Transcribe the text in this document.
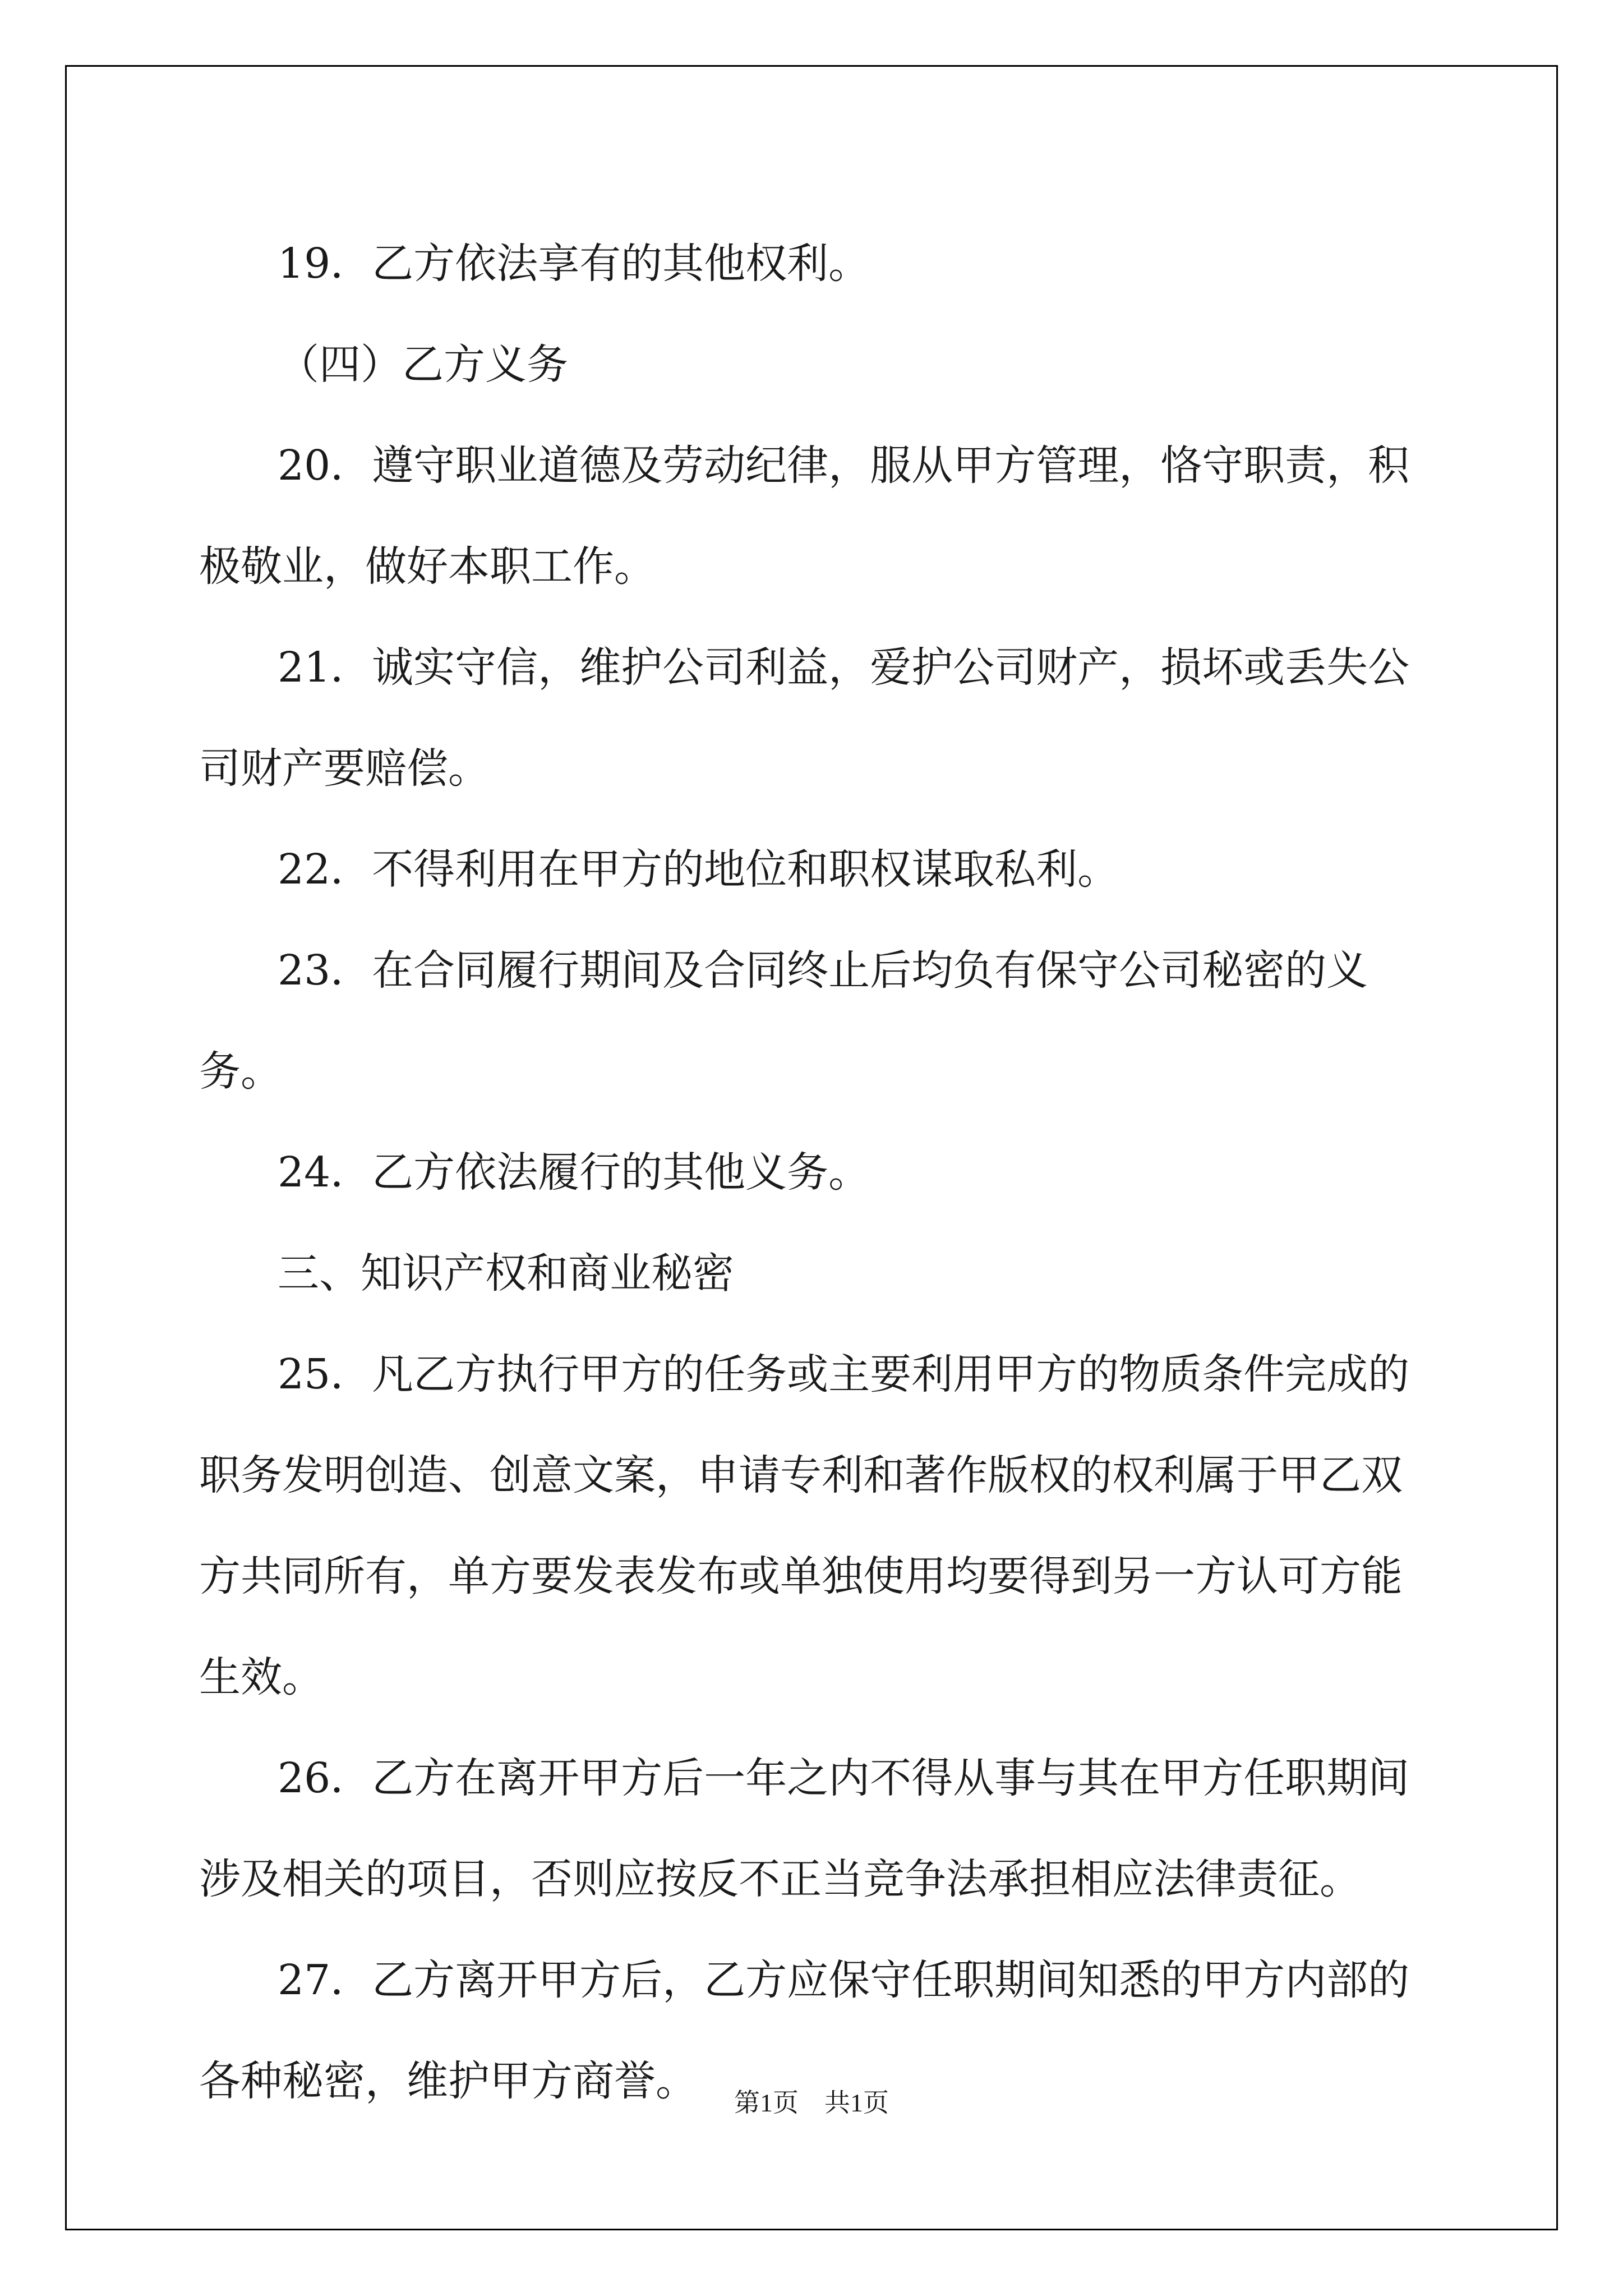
19．乙方依法享有的其他权利。

（四）乙方义务

20．遵守职业道德及劳动纪律，服从甲方管理，恪守职责，积极敬业，做好本职工作。

21．诚实守信，维护公司利益，爱护公司财产，损坏或丢失公司财产要赔偿。

22．不得利用在甲方的地位和职权谋取私利。

23．在合同履行期间及合同终止后均负有保守公司秘密的义务。

24．乙方依法履行的其他义务。

三、知识产权和商业秘密

25．凡乙方执行甲方的任务或主要利用甲方的物质条件完成的职务发明创造、创意文案，申请专利和著作版权的权利属于甲乙双方共同所有，单方要发表发布或单独使用均要得到另一方认可方能生效。

26．乙方在离开甲方后一年之内不得从事与其在甲方任职期间涉及相关的项目，否则应按反不正当竞争法承担相应法律责征。

27．乙方离开甲方后，乙方应保守任职期间知悉的甲方内部的各种秘密，维护甲方商誉。	第1页　共1页
